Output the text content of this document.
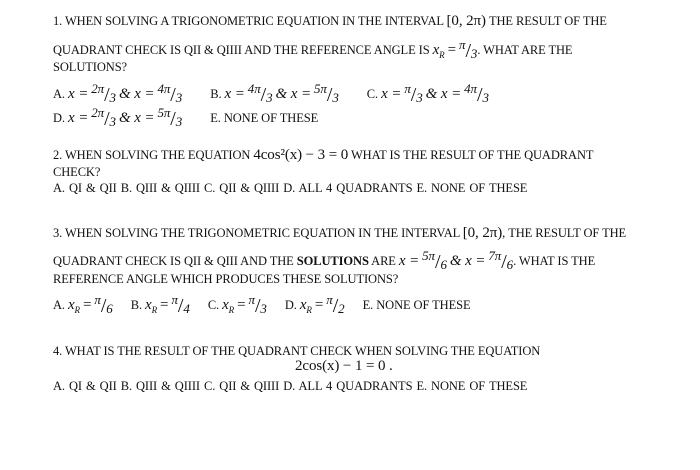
1. WHEN SOLVING A TRIGONOMETRIC EQUATION IN THE INTERVAL [0, 2π) THE RESULT OF THE
QUADRANT CHECK IS QII & QIIII AND THE REFERENCE ANGLE IS $x_R = ^\pi/_3$. WHAT ARE THE
SOLUTIONS?
A. $x = ^{2\pi}/_3$ & $x = ^{4\pi}/_3$ B. $x = ^{4\pi}/_3$ & $x = ^{5\pi}/_3$ C. $x = ^\pi/_3$ & $x = ^{4\pi}/_3$
D. $x = ^{2\pi}/_3$ & $x = ^{5\pi}/_3$ E. NONE OF THESE
2. WHEN SOLVING THE EQUATION 4cos²(x) − 3 = 0 WHAT IS THE RESULT OF THE QUADRANT
CHECK?
A. QI & QII B. QIII & QIIII C. QII & QIIII D. ALL 4 QUADRANTS E. NONE OF THESE
3. WHEN SOLVING THE TRIGONOMETRIC EQUATION IN THE INTERVAL [0, 2π), THE RESULT OF THE
QUADRANT CHECK IS QII & QIII AND THE SOLUTIONS ARE $x = ^{5\pi}/_6$ & $x = ^{7\pi}/_6$. WHAT IS THE
REFERENCE ANGLE WHICH PRODUCES THESE SOLUTIONS?
A. $x_R = ^\pi/_6$ B. $x_R = ^\pi/_4$ C. $x_R = ^\pi/_3$ D. $x_R = ^\pi/_2$ E. NONE OF THESE
4. WHAT IS THE RESULT OF THE QUADRANT CHECK WHEN SOLVING THE EQUATION
2cos(x) − 1 = 0 .
A. QI & QII B. QIII & QIIII C. QII & QIIII D. ALL 4 QUADRANTS E. NONE OF THESE
